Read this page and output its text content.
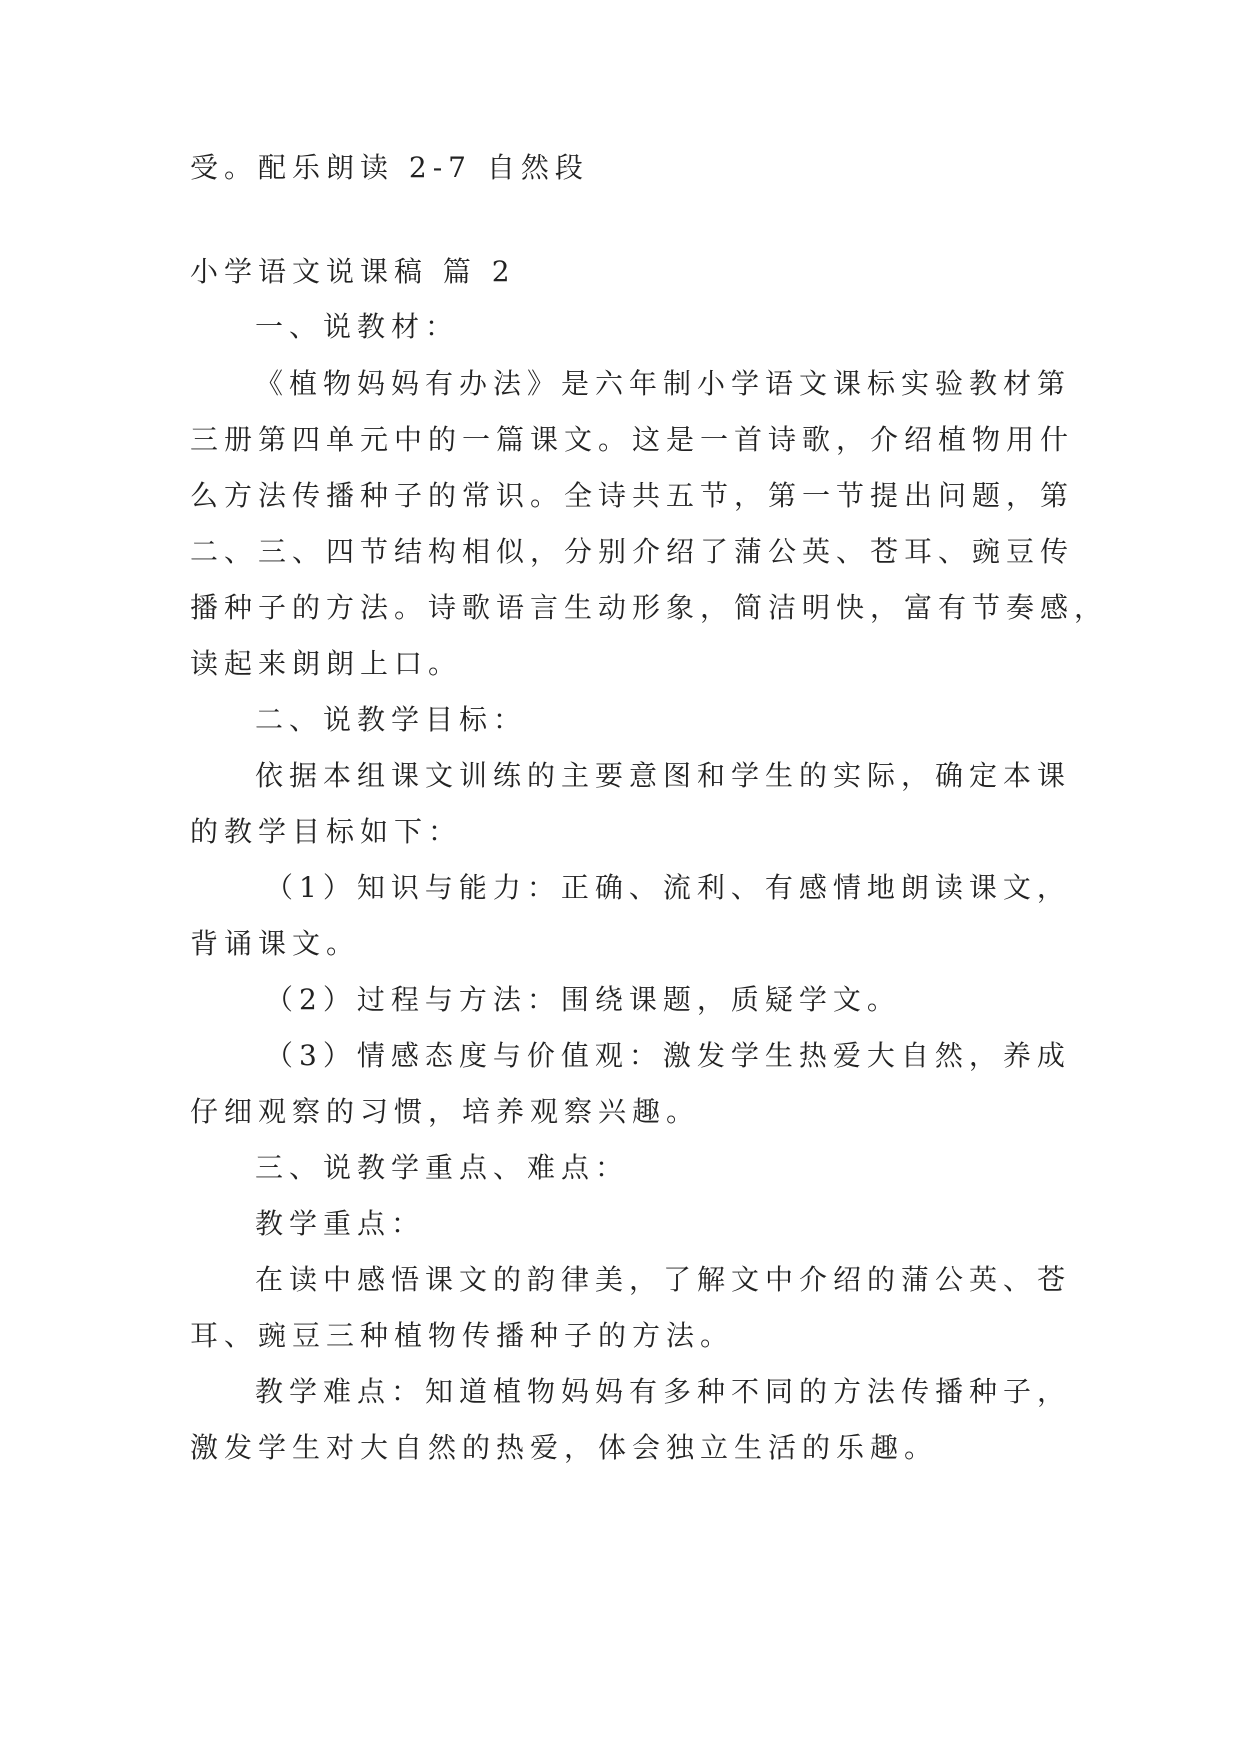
受。配乐朗读 2-7 自然段
小学语文说课稿 篇 2
一、说教材：
《植物妈妈有办法》是六年制小学语文课标实验教材第
三册第四单元中的一篇课文。这是一首诗歌，介绍植物用什
么方法传播种子的常识。全诗共五节，第一节提出问题，第
二、三、四节结构相似，分别介绍了蒲公英、苍耳、豌豆传
播种子的方法。诗歌语言生动形象，简洁明快，富有节奏感，
读起来朗朗上口。
二、说教学目标：
依据本组课文训练的主要意图和学生的实际，确定本课
的教学目标如下：
（1）知识与能力：正确、流利、有感情地朗读课文，
背诵课文。
（2）过程与方法：围绕课题，质疑学文。
（3）情感态度与价值观：激发学生热爱大自然，养成
仔细观察的习惯，培养观察兴趣。
三、说教学重点、难点：
教学重点：
在读中感悟课文的韵律美，了解文中介绍的蒲公英、苍
耳、豌豆三种植物传播种子的方法。
教学难点：知道植物妈妈有多种不同的方法传播种子，
激发学生对大自然的热爱，体会独立生活的乐趣。
